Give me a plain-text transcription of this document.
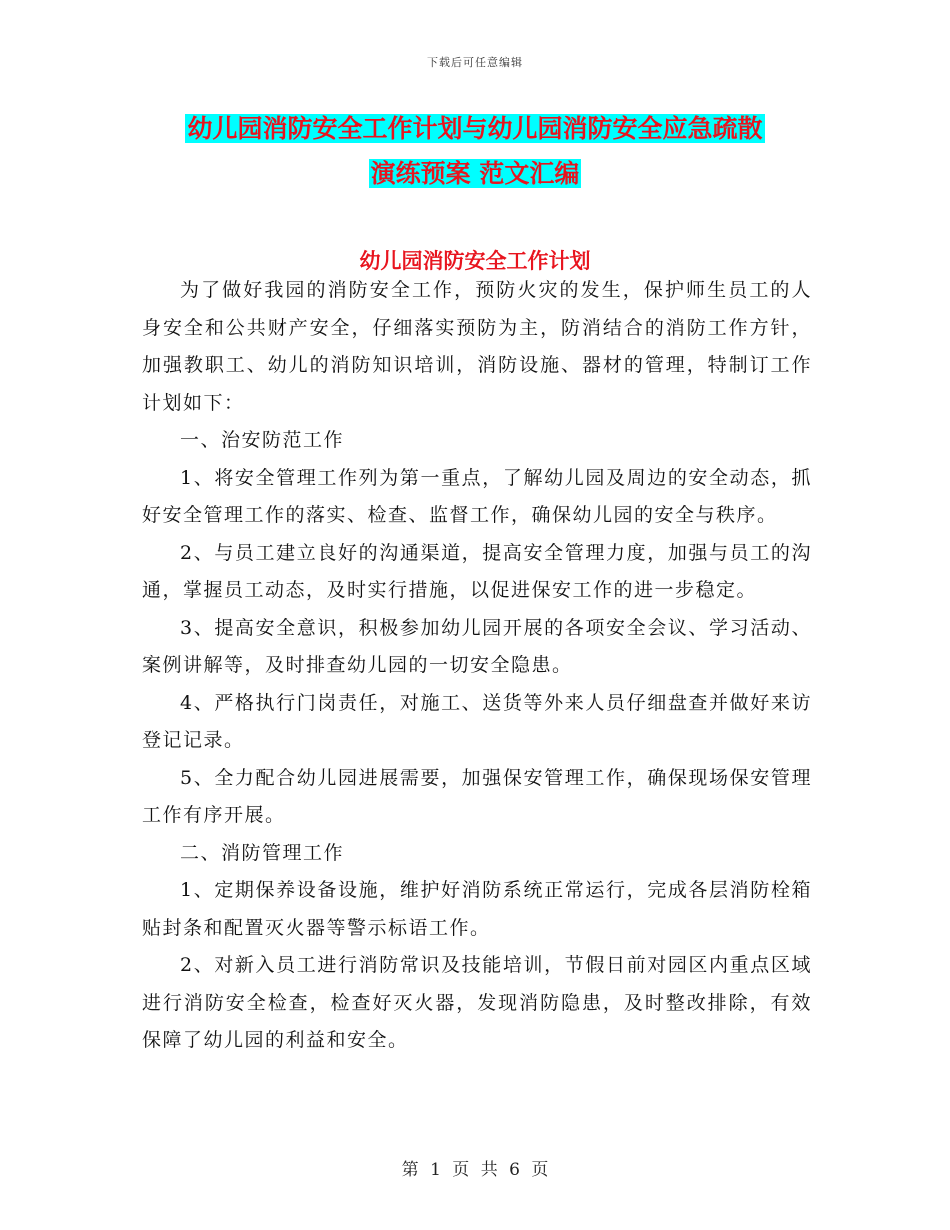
下载后可任意编辑
幼儿园消防安全工作计划与幼儿园消防安全应急疏散
演练预案 范文汇编
幼儿园消防安全工作计划

为了做好我园的消防安全工作，预防火灾的发生，保护师生员工的人身安全和公共财产安全，仔细落实预防为主，防消结合的消防工作方针，加强教职工、幼儿的消防知识培训，消防设施、器材的管理，特制订工作计划如下：

一、治安防范工作

1、将安全管理工作列为第一重点，了解幼儿园及周边的安全动态，抓好安全管理工作的落实、检查、监督工作，确保幼儿园的安全与秩序。

2、与员工建立良好的沟通渠道，提高安全管理力度，加强与员工的沟通，掌握员工动态，及时实行措施，以促进保安工作的进一步稳定。

3、提高安全意识，积极参加幼儿园开展的各项安全会议、学习活动、案例讲解等，及时排查幼儿园的一切安全隐患。

4、严格执行门岗责任，对施工、送货等外来人员仔细盘查并做好来访登记记录。

5、全力配合幼儿园进展需要，加强保安管理工作，确保现场保安管理工作有序开展。

二、消防管理工作

1、定期保养设备设施，维护好消防系统正常运行，完成各层消防栓箱贴封条和配置灭火器等警示标语工作。

2、对新入员工进行消防常识及技能培训，节假日前对园区内重点区域进行消防安全检查，检查好灭火器，发现消防隐患，及时整改排除，有效保障了幼儿园的利益和安全。

第 1 页 共 6 页
